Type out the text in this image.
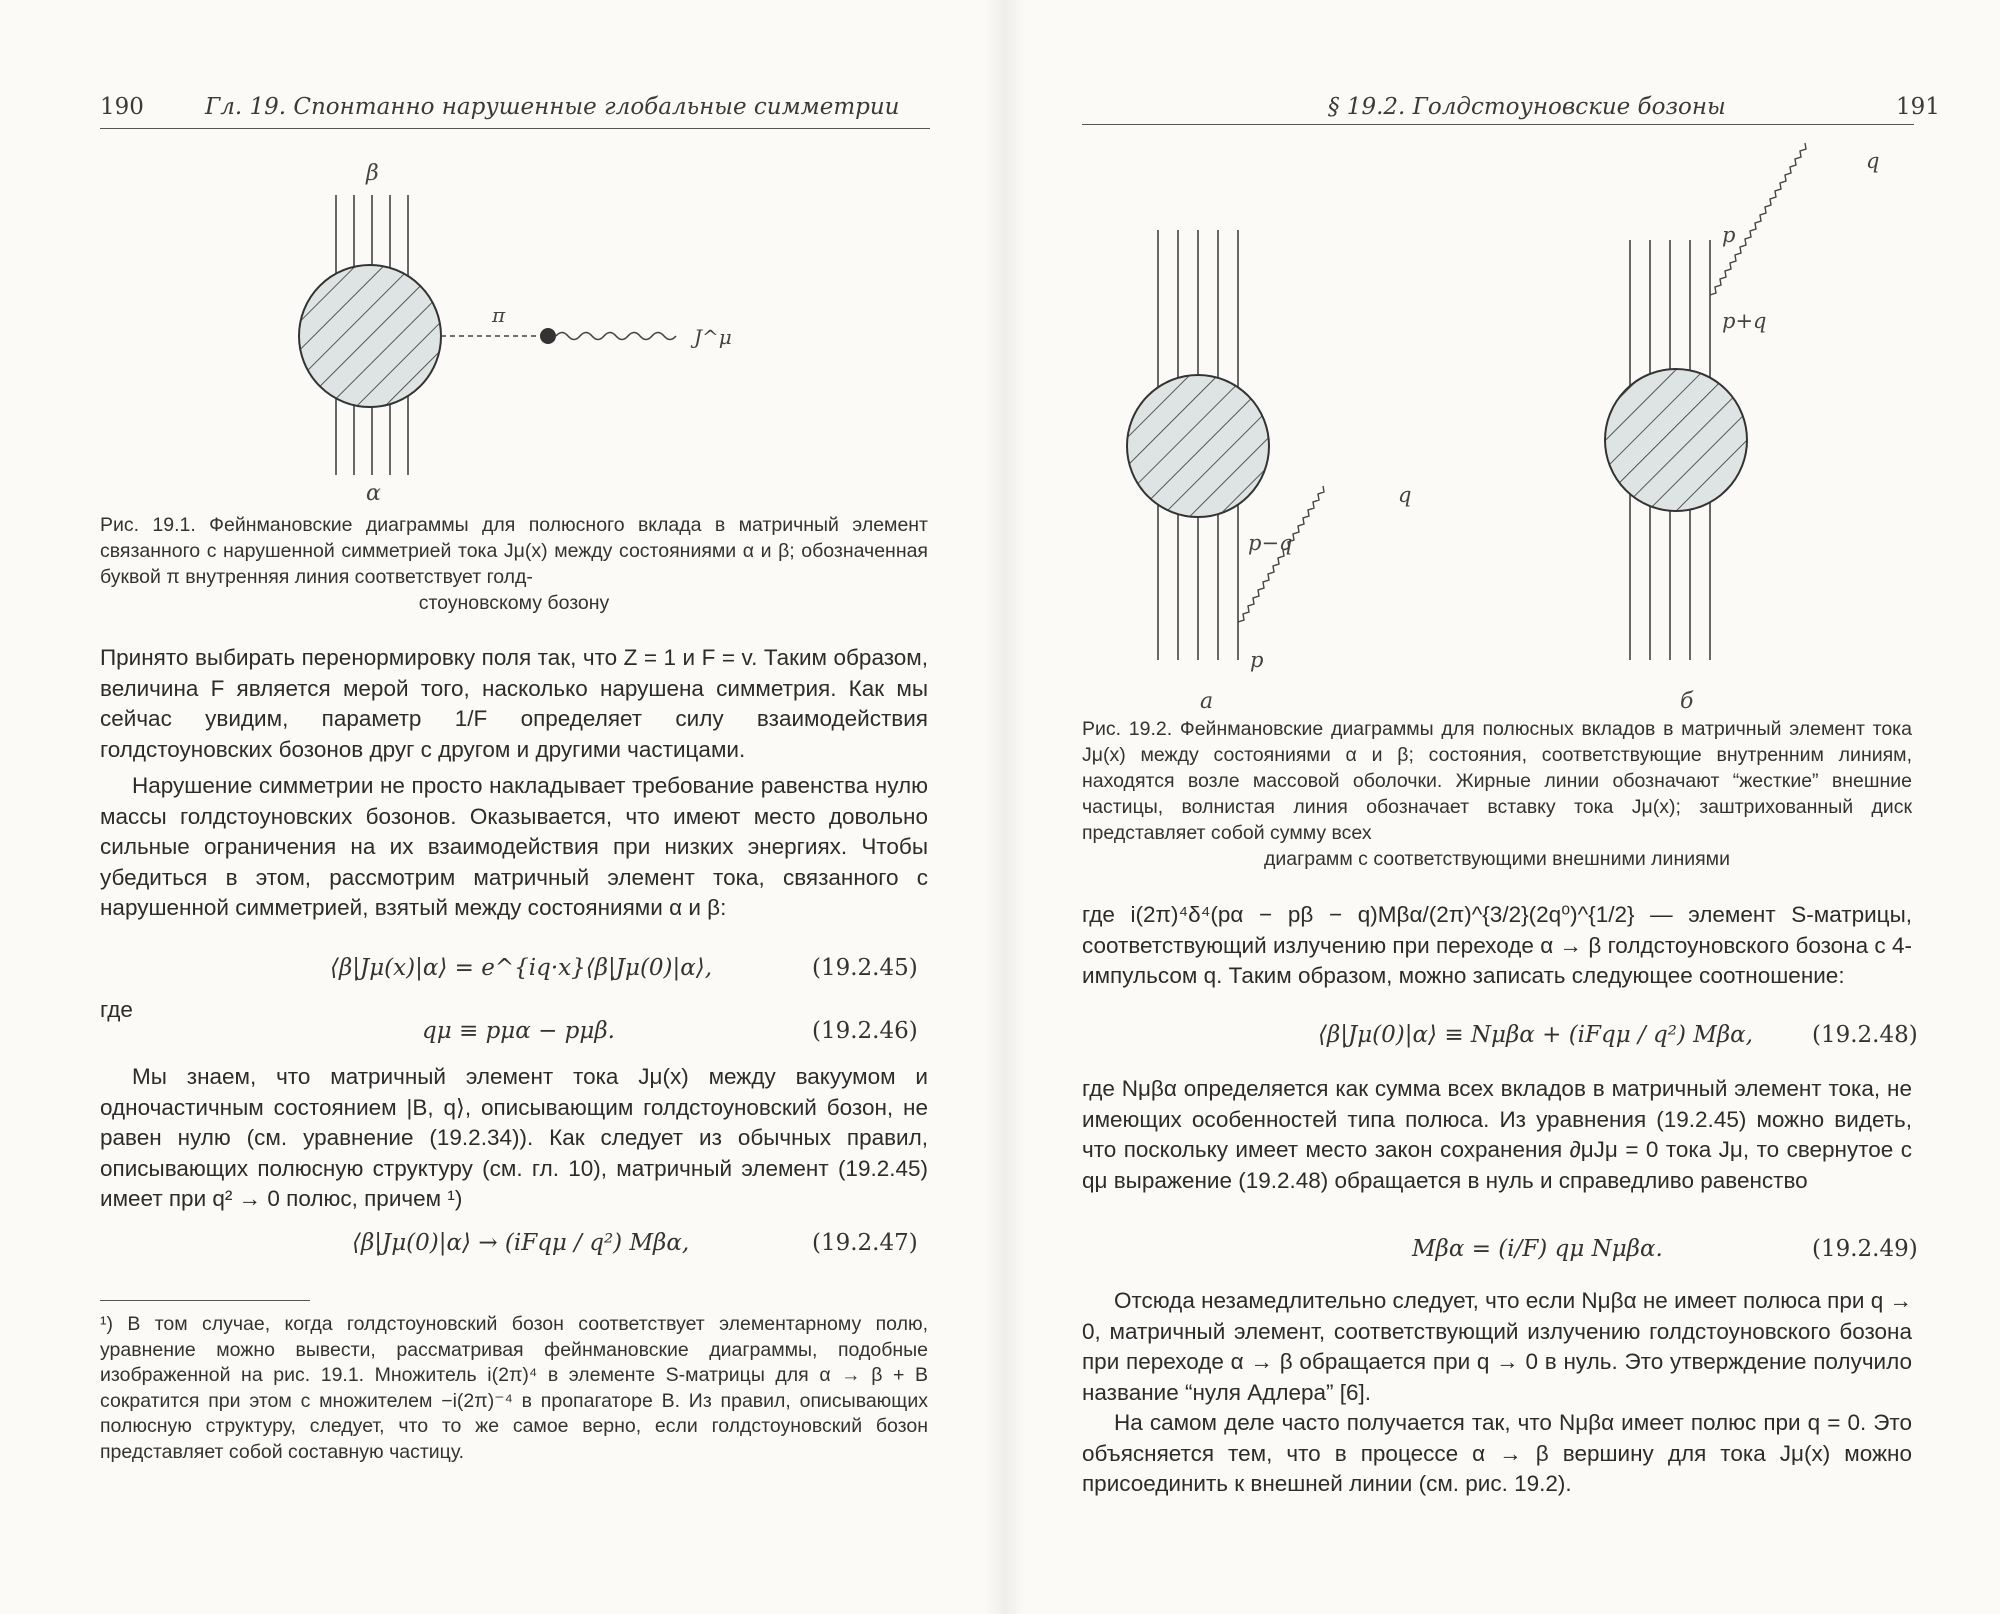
190	Гл. 19. Спонтанно нарушенные глобальные симметрии
β
α
π
J^μ
Рис. 19.1. Фейнмановские диаграммы для полюсного вклада в матричный элемент связанного с нарушенной симметрией тока Jμ(x) между состояниями α и β; обозначенная буквой π внутренняя линия соответствует голд-
стоуновскому бозону

Принято выбирать перенормировку поля так, что Z = 1 и F = v. Таким образом, величина F является мерой того, насколько нарушена симметрия. Как мы сейчас увидим, параметр 1/F определяет силу взаимодействия голдстоуновских бозонов друг с другом и другими частицами.

Нарушение симметрии не просто накладывает требование равенства нулю массы голдстоуновских бозонов. Оказывается, что имеют место довольно сильные ограничения на их взаимодействия при низких энергиях. Чтобы убедиться в этом, рассмотрим матричный элемент тока, связанного с нарушенной симметрией, взятый между состояниями α и β:

⟨β|Jμ(x)|α⟩ = e^{iq·x}⟨β|Jμ(0)|α⟩,	(19.2.45)
где
qμ ≡ pμα − pμβ.	(19.2.46)

Мы знаем, что матричный элемент тока Jμ(x) между вакуумом и одночастичным состоянием |B, q⟩, описывающим голдстоуновский бозон, не равен нулю (см. уравнение (19.2.34)). Как следует из обычных правил, описывающих полюсную структуру (см. гл. 10), матричный элемент (19.2.45) имеет при q² → 0 полюс, причем ¹)

⟨β|Jμ(0)|α⟩ → (iFqμ / q²) Mβα,	(19.2.47)
¹) В том случае, когда голдстоуновский бозон соответствует элементарному полю, уравнение можно вывести, рассматривая фейнмановские диаграммы, подобные изображенной на рис. 19.1. Множитель i(2π)⁴ в элементе S-матрицы для α → β + B сократится при этом с множителем −i(2π)⁻⁴ в пропагаторе B. Из правил, описывающих полюсную структуру, следует, что то же самое верно, если голдстоуновский бозон представляет собой составную частицу.
§ 19.2. Голдстоуновские бозоны	191
q
p−q
p
а
q
p
p+q
б
Рис. 19.2. Фейнмановские диаграммы для полюсных вкладов в матричный элемент тока Jμ(x) между состояниями α и β; состояния, соответствующие внутренним линиям, находятся возле массовой оболочки. Жирные линии обозначают “жесткие” внешние частицы, волнистая линия обозначает вставку тока Jμ(x); заштрихованный диск представляет собой сумму всех
диаграмм с соответствующими внешними линиями

где i(2π)⁴δ⁴(pα − pβ − q)Mβα/(2π)^{3/2}(2q⁰)^{1/2} — элемент S-матрицы, соответствующий излучению при переходе α → β голдстоуновского бозона с 4-импульсом q. Таким образом, можно записать следующее соотношение:

⟨β|Jμ(0)|α⟩ ≡ Nμβα + (iFqμ / q²) Mβα,	(19.2.48)

где Nμβα определяется как сумма всех вкладов в матричный элемент тока, не имеющих особенностей типа полюса. Из уравнения (19.2.45) можно видеть, что поскольку имеет место закон сохранения ∂μJμ = 0 тока Jμ, то свернутое с qμ выражение (19.2.48) обращается в нуль и справедливо равенство

Mβα = (i/F) qμ Nμβα.	(19.2.49)

Отсюда незамедлительно следует, что если Nμβα не имеет полюса при q → 0, матричный элемент, соответствующий излучению голдстоуновского бозона при переходе α → β обращается при q → 0 в нуль. Это утверждение получило название “нуля Адлера” [6].

На самом деле часто получается так, что Nμβα имеет полюс при q = 0. Это объясняется тем, что в процессе α → β вершину для тока Jμ(x) можно присоединить к внешней линии (см. рис. 19.2).
